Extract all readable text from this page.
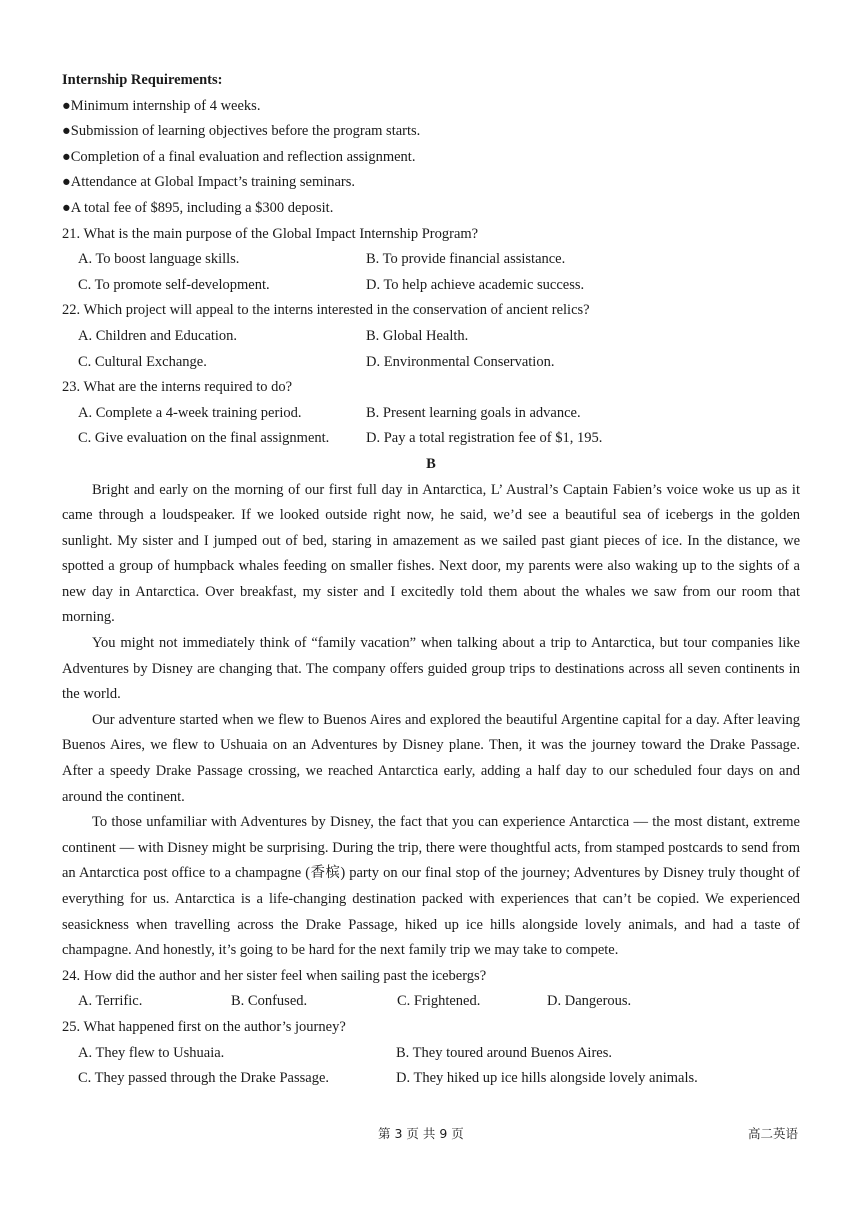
Internship Requirements:
●Minimum internship of 4 weeks.
●Submission of learning objectives before the program starts.
●Completion of a final evaluation and reflection assignment.
●Attendance at Global Impact’s training seminars.
●A total fee of $895, including a $300 deposit.
21. What is the main purpose of the Global Impact Internship Program?
A. To boost language skills.	B. To provide financial assistance.
C. To promote self-development.	D. To help achieve academic success.
22. Which project will appeal to the interns interested in the conservation of ancient relics?
A. Children and Education.	B. Global Health.
C. Cultural Exchange.	D. Environmental Conservation.
23. What are the interns required to do?
A. Complete a 4-week training period.	B. Present learning goals in advance.
C. Give evaluation on the final assignment.	D. Pay a total registration fee of $1, 195.
B
Bright and early on the morning of our first full day in Antarctica, L’ Austral’s Captain Fabien’s voice woke us up as it came through a loudspeaker. If we looked outside right now, he said, we’d see a beautiful sea of icebergs in the golden sunlight. My sister and I jumped out of bed, staring in amazement as we sailed past giant pieces of ice. In the distance, we spotted a group of humpback whales feeding on smaller fishes. Next door, my parents were also waking up to the sights of a new day in Antarctica. Over breakfast, my sister and I excitedly told them about the whales we saw from our room that morning.
You might not immediately think of “family vacation” when talking about a trip to Antarctica, but tour companies like Adventures by Disney are changing that. The company offers guided group trips to destinations across all seven continents in the world.
Our adventure started when we flew to Buenos Aires and explored the beautiful Argentine capital for a day. After leaving Buenos Aires, we flew to Ushuaia on an Adventures by Disney plane. Then, it was the journey toward the Drake Passage. After a speedy Drake Passage crossing, we reached Antarctica early, adding a half day to our scheduled four days on and around the continent.
To those unfamiliar with Adventures by Disney, the fact that you can experience Antarctica — the most distant, extreme continent — with Disney might be surprising. During the trip, there were thoughtful acts, from stamped postcards to send from an Antarctica post office to a champagne (香槟) party on our final stop of the journey; Adventures by Disney truly thought of everything for us. Antarctica is a life-changing destination packed with experiences that can’t be copied. We experienced seasickness when travelling across the Drake Passage, hiked up ice hills alongside lovely animals, and had a taste of champagne. And honestly, it’s going to be hard for the next family trip we may take to compete.
24. How did the author and her sister feel when sailing past the icebergs?
A. Terrific.	B. Confused.	C. Frightened.	D. Dangerous.
25. What happened first on the author’s journey?
A. They flew to Ushuaia.	B. They toured around Buenos Aires.
C. They passed through the Drake Passage.	D. They hiked up ice hills alongside lovely animals.
第 3 页 共 9 页	高二英语
